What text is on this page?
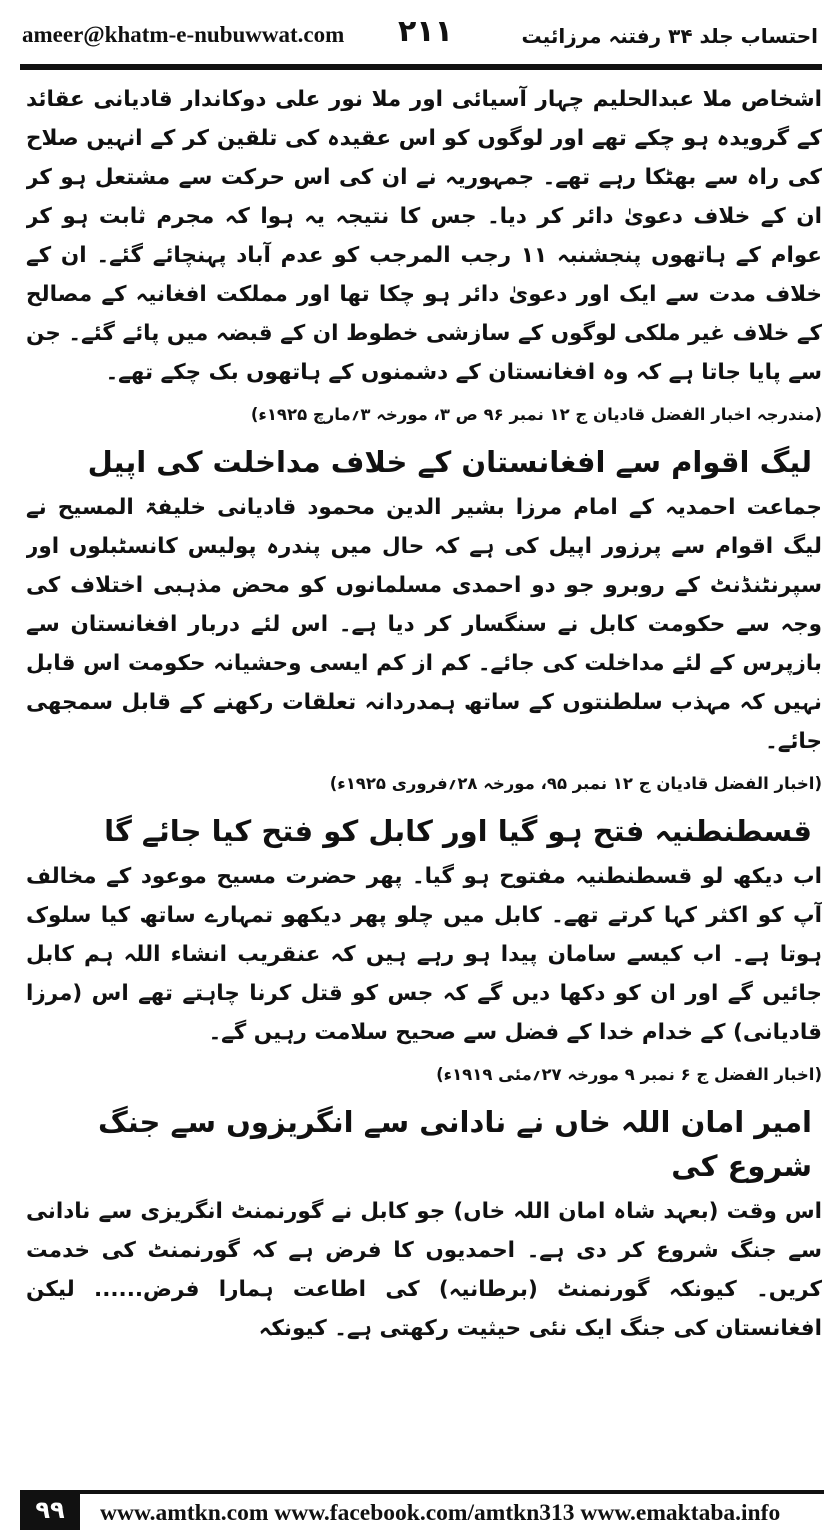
ameer@khatm-e-nubuwwat.com ۲۱۱	احتساب جلد ۳۴ رفتنہ مرزائیت

اشخاص ملا عبدالحلیم چہار آسیائی اور ملا نور علی دوکاندار قادیانی عقائد کے گرویدہ ہو چکے تھے اور لوگوں کو اس عقیدہ کی تلقین کر کے انہیں صلاح کی راہ سے بھٹکا رہے تھے۔ جمہوریہ نے ان کی اس حرکت سے مشتعل ہو کر ان کے خلاف دعویٰ دائر کر دیا۔ جس کا نتیجہ یہ ہوا کہ مجرم ثابت ہو کر عوام کے ہاتھوں پنجشنبہ ۱۱ رجب المرجب کو عدم آباد پہنچائے گئے۔ ان کے خلاف مدت سے ایک اور دعویٰ دائر ہو چکا تھا اور مملکت افغانیہ کے مصالح کے خلاف غیر ملکی لوگوں کے سازشی خطوط ان کے قبضہ میں پائے گئے۔ جن سے پایا جاتا ہے کہ وہ افغانستان کے دشمنوں کے ہاتھوں بک چکے تھے۔

(مندرجہ اخبار الفضل قادیان ج ۱۲ نمبر ۹۶ ص ۳، مورخہ ۳؍مارچ ۱۹۲۵ء)

لیگ اقوام سے افغانستان کے خلاف مداخلت کی اپیل

جماعت احمدیہ کے امام مرزا بشیر الدین محمود قادیانی خلیفۃ المسیح نے لیگ اقوام سے پرزور اپیل کی ہے کہ حال میں پندرہ پولیس کانسٹبلوں اور سپرنٹنڈنٹ کے روبرو جو دو احمدی مسلمانوں کو محض مذہبی اختلاف کی وجہ سے حکومت کابل نے سنگسار کر دیا ہے۔ اس لئے دربار افغانستان سے بازپرس کے لئے مداخلت کی جائے۔ کم از کم ایسی وحشیانہ حکومت اس قابل نہیں کہ مہذب سلطنتوں کے ساتھ ہمدردانہ تعلقات رکھنے کے قابل سمجھی جائے۔

(اخبار الفضل قادیان ج ۱۲ نمبر ۹۵، مورخہ ۲۸؍فروری ۱۹۲۵ء)

قسطنطنیہ فتح ہو گیا اور کابل کو فتح کیا جائے گا

اب دیکھ لو قسطنطنیہ مفتوح ہو گیا۔ پھر حضرت مسیح موعود کے مخالف آپ کو اکثر کہا کرتے تھے۔ کابل میں چلو پھر دیکھو تمہارے ساتھ کیا سلوک ہوتا ہے۔ اب کیسے سامان پیدا ہو رہے ہیں کہ عنقریب انشاء اللہ ہم کابل جائیں گے اور ان کو دکھا دیں گے کہ جس کو قتل کرنا چاہتے تھے اس (مرزا قادیانی) کے خدام خدا کے فضل سے صحیح سلامت رہیں گے۔

(اخبار الفضل ج ۶ نمبر ۹ مورخہ ۲۷؍مئی ۱۹۱۹ء)

امیر امان اللہ خاں نے نادانی سے انگریزوں سے جنگ شروع کی

اس وقت (بعہد شاہ امان اللہ خاں) جو کابل نے گورنمنٹ انگریزی سے نادانی سے جنگ شروع کر دی ہے۔ احمدیوں کا فرض ہے کہ گورنمنٹ کی خدمت کریں۔ کیونکہ گورنمنٹ (برطانیہ) کی اطاعت ہمارا فرض...... لیکن افغانستان کی جنگ ایک نئی حیثیت رکھتی ہے۔ کیونکہ

۹۹	www.amtkn.com www.facebook.com/amtkn313 www.emaktaba.info
